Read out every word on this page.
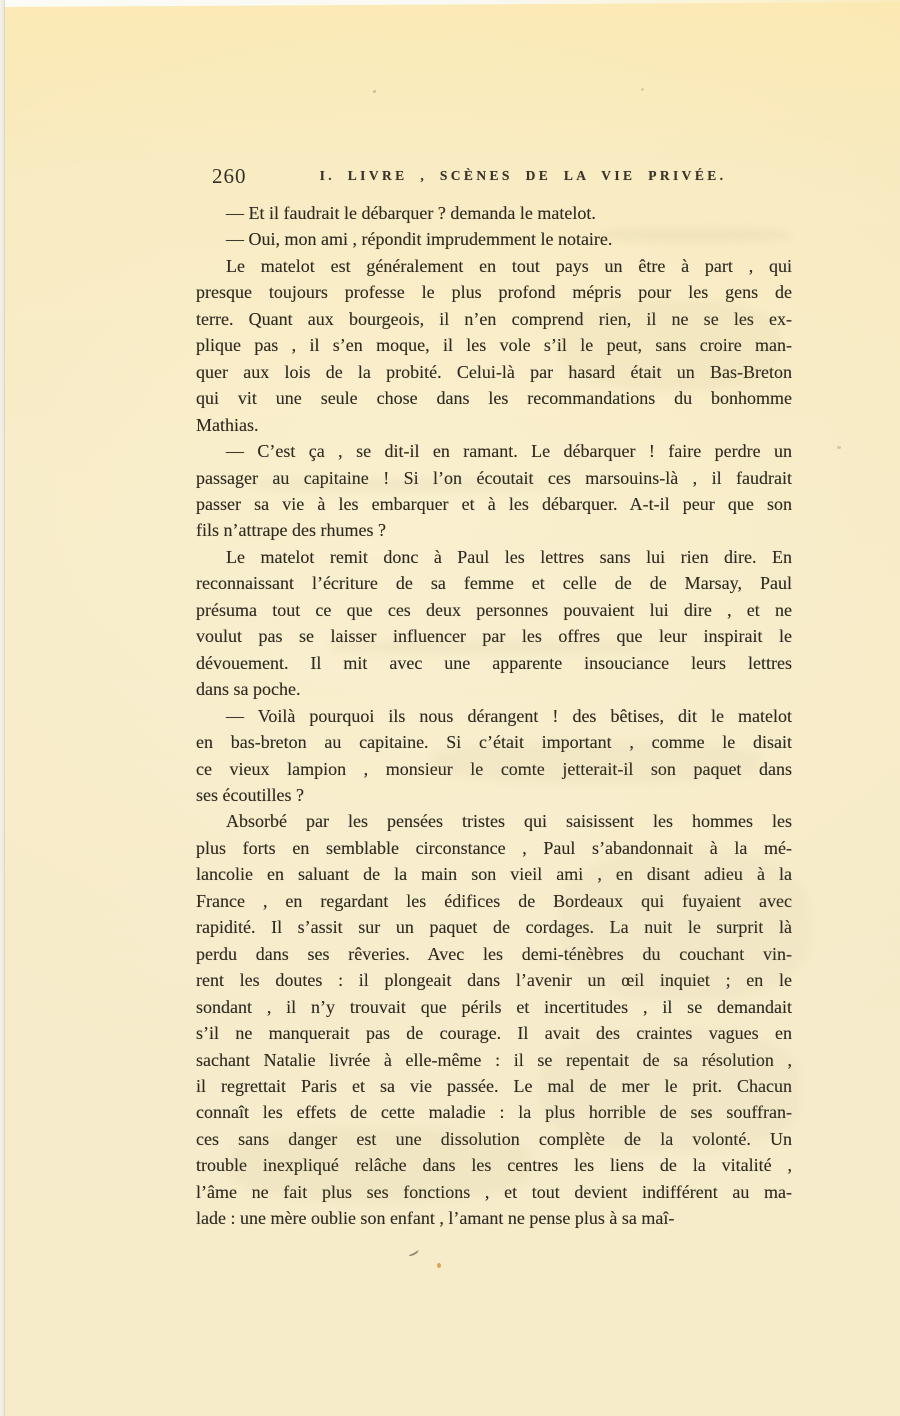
260	I. LIVRE , SCÈNES DE LA VIE PRIVÉE.
— Et il faudrait le débarquer ? demanda le matelot.
— Oui, mon ami , répondit imprudemment le notaire.
Le matelot est généralement en tout pays un être à part , qui
presque toujours professe le plus profond mépris pour les gens de
terre. Quant aux bourgeois, il n’en comprend rien, il ne se les ex-
plique pas , il s’en moque, il les vole s’il le peut, sans croire man-
quer aux lois de la probité. Celui-là par hasard était un Bas-Breton
qui vit une seule chose dans les recommandations du bonhomme
Mathias.
— C’est ça , se dit-il en ramant. Le débarquer ! faire perdre un
passager au capitaine ! Si l’on écoutait ces marsouins-là , il faudrait
passer sa vie à les embarquer et à les débarquer. A-t-il peur que son
fils n’attrape des rhumes ?
Le matelot remit donc à Paul les lettres sans lui rien dire. En
reconnaissant l’écriture de sa femme et celle de de Marsay, Paul
présuma tout ce que ces deux personnes pouvaient lui dire , et ne
voulut pas se laisser influencer par les offres que leur inspirait le
dévouement. Il mit avec une apparente insouciance leurs lettres
dans sa poche.
— Voilà pourquoi ils nous dérangent ! des bêtises, dit le matelot
en bas-breton au capitaine. Si c’était important , comme le disait
ce vieux lampion , monsieur le comte jetterait-il son paquet dans
ses écoutilles ?
Absorbé par les pensées tristes qui saisissent les hommes les
plus forts en semblable circonstance , Paul s’abandonnait à la mé-
lancolie en saluant de la main son vieil ami , en disant adieu à la
France , en regardant les édifices de Bordeaux qui fuyaient avec
rapidité. Il s’assit sur un paquet de cordages. La nuit le surprit là
perdu dans ses rêveries. Avec les demi-ténèbres du couchant vin-
rent les doutes : il plongeait dans l’avenir un œil inquiet ; en le
sondant , il n’y trouvait que périls et incertitudes , il se demandait
s’il ne manquerait pas de courage. Il avait des craintes vagues en
sachant Natalie livrée à elle-même : il se repentait de sa résolution ,
il regrettait Paris et sa vie passée. Le mal de mer le prit. Chacun
connaît les effets de cette maladie : la plus horrible de ses souffran-
ces sans danger est une dissolution complète de la volonté. Un
trouble inexpliqué relâche dans les centres les liens de la vitalité ,
l’âme ne fait plus ses fonctions , et tout devient indifférent au ma-
lade : une mère oublie son enfant , l’amant ne pense plus à sa maî-
